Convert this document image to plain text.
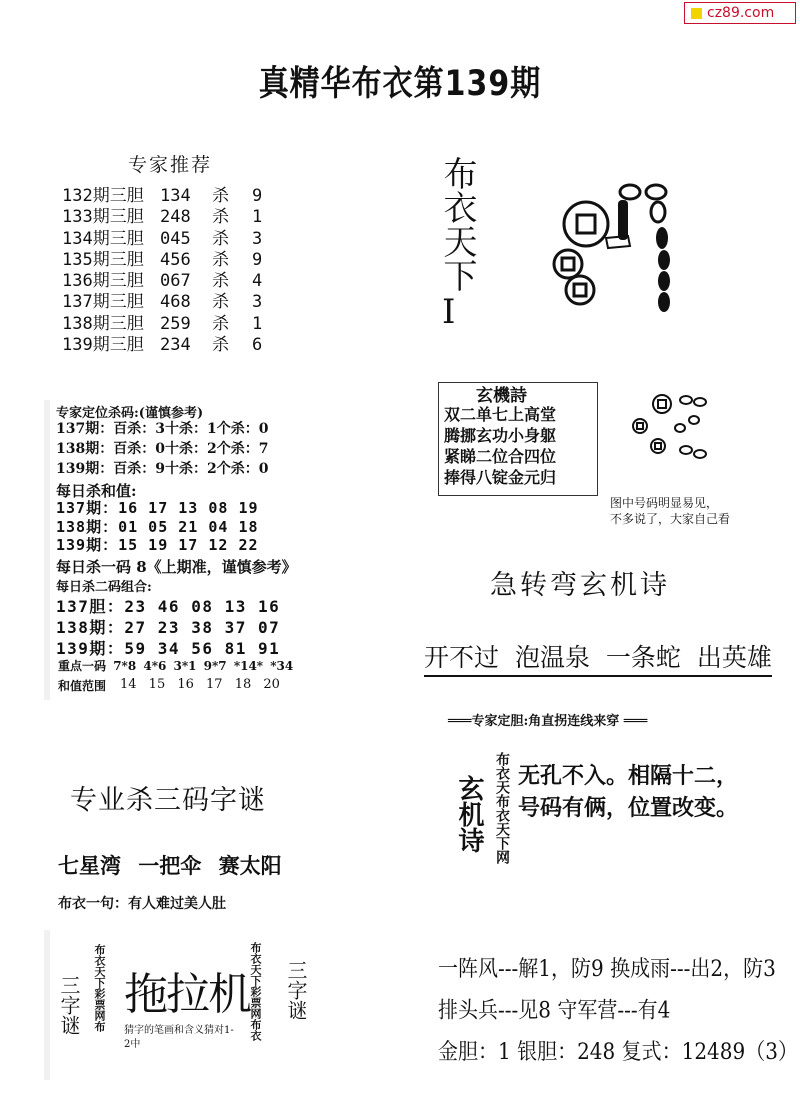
cz89.com
真精华布衣第139期
专家推荐
132期三胆 134 杀 9
133期三胆 248 杀 1
134期三胆 045 杀 3
135期三胆 456 杀 9
136期三胆 067 杀 4
137期三胆 468 杀 3
138期三胆 259 杀 1
139期三胆 234 杀 6
专家定位杀码:(谨慎参考)
137期：百杀：3十杀：1个杀：0
138期：百杀：0十杀：2个杀：7
139期：百杀：9十杀：2个杀：0
每日杀和值:
137期：16 17 13 08 19
138期：01 05 21 04 18
139期：15 19 17 12 22
每日杀一码 8《上期准，谨慎参考》
每日杀二码组合:
137胆：23 46 08 13 16
138期：27 23 38 37 07
139期：59 34 56 81 91
重点一码 7*8 4*6 3*1 9*7 *14* *34
和值范围 14 15 16 17 18 20
专业杀三码字谜
七星湾 一把伞 赛太阳
布衣一句：有人难过美人肚
布衣天下彩票网布 拖拉机
猜字的笔画和含义猜对1-2中
布衣天下彩票网布衣
三字谜	三字谜
布衣天下
I
玄機詩
双二单七上高堂
腾挪玄功小身躯
紧睇二位合四位
捧得八锭金元归
图中号码明显易见，
不多说了，大家自己看
急转弯玄机诗
开不过 泡温泉 一条蛇 出英雄
═══专家定胆:角直拐连线来穿 ═══
玄机诗 布衣天布衣天下网 无孔不入。相隔十二，
号码有俩，位置改变。
一阵风---解1，防9 换成雨---出2，防3
排头兵---见8 守军营---有4
金胆：1 银胆：248 复式：12489（3）
